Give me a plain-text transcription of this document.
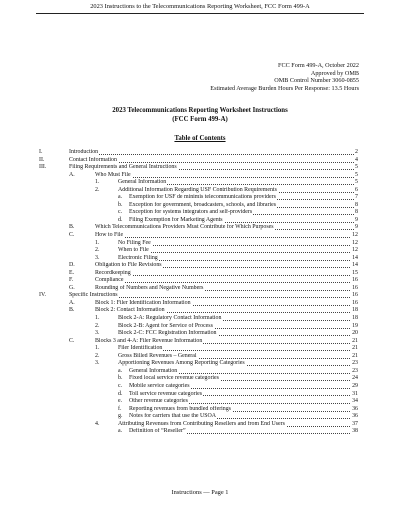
2023 Instructions to the Telecommunications Reporting Worksheet, FCC Form 499-A
FCC Form 499-A, October 2022
Approved by OMB
OMB Control Number 3060-0855
Estimated Average Burden Hours Per Response: 13.5 Hours
2023 Telecommunications Reporting Worksheet Instructions
(FCC Form 499-A)
Table of Contents
I.	Introduction	2
II.	Contact Information	4
III.	Filing Requirements and General Instructions	5
A.	Who Must File	5
1.	General Information	5
2.	Additional Information Regarding USF Contribution Requirements	6
a. Exemption for USF de minimis telecommunications providers	7
b. Exception for government, broadcasters, schools, and libraries	8
c. Exception for systems integrators and self-providers	8
d. Filing Exemption for Marketing Agents	9
B.	Which Telecommunications Providers Must Contribute for Which Purposes	9
C.	How to File	12
1.	No Filing Fee	12
2.	When to File	12
3.	Electronic Filing	14
D.	Obligation to File Revisions	14
E.	Recordkeeping	15
F.	Compliance	16
G.	Rounding of Numbers and Negative Numbers	16
IV.	Specific Instructions	16
A.	Block 1: Filer Identification Information	16
B.	Block 2: Contact Information	18
1.	Block 2-A: Regulatory Contact Information	18
2.	Block 2-B: Agent for Service of Process	19
3.	Block 2-C: FCC Registration Information	20
C.	Blocks 3 and 4-A: Filer Revenue Information	21
1.	Filer Identification	21
2.	Gross Billed Revenues – General	21
3.	Apportioning Revenues Among Reporting Categories	23
a. General Information	23
b. Fixed local service revenue categories	24
c. Mobile service categories	29
d. Toll service revenue categories	31
e. Other revenue categories	34
f. Reporting revenues from bundled offerings	36
g. Notes for carriers that use the USOA	36
4.	Attributing Revenues from Contributing Resellers and from End Users	37
a. Definition of “Reseller”	38
Instructions — Page 1
